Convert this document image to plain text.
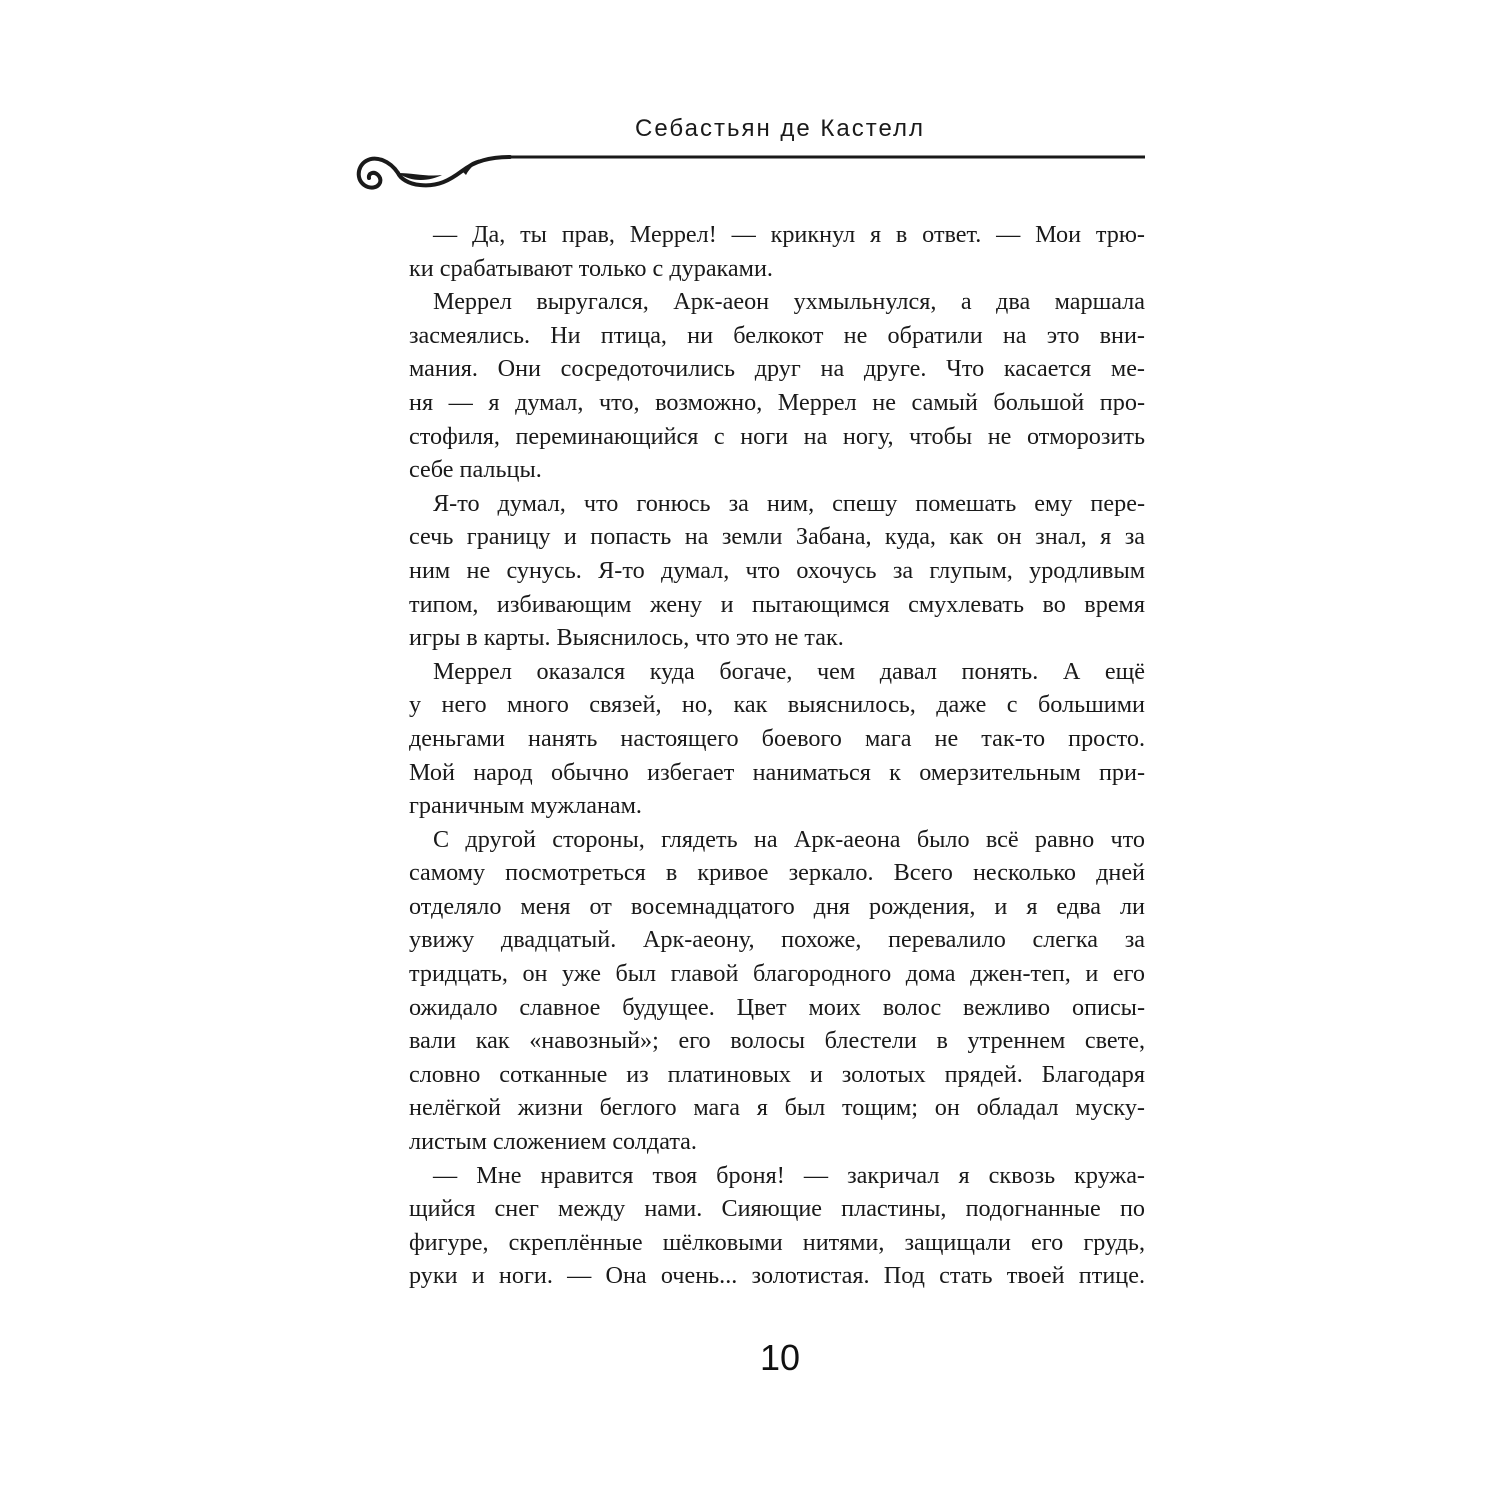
Себастьян де Кастелл

— Да, ты прав, Меррел! — крикнул я в ответ. — Мои трю-
ки срабатывают только с дураками.

Меррел выругался, Арк-аеон ухмыльнулся, а два маршала
засмеялись. Ни птица, ни белкокот не обратили на это вни-
мания. Они сосредоточились друг на друге. Что касается ме-
ня — я думал, что, возможно, Меррел не самый большой про-
стофиля, переминающийся с ноги на ногу, чтобы не отморозить
себе пальцы.

Я-то думал, что гонюсь за ним, спешу помешать ему пере-
сечь границу и попасть на земли Забана, куда, как он знал, я за
ним не сунусь. Я-то думал, что охочусь за глупым, уродливым
типом, избивающим жену и пытающимся смухлевать во время
игры в карты. Выяснилось, что это не так.

Меррел оказался куда богаче, чем давал понять. А ещё
у него много связей, но, как выяснилось, даже с большими
деньгами нанять настоящего боевого мага не так-то просто.
Мой народ обычно избегает наниматься к омерзительным при-
граничным мужланам.

С другой стороны, глядеть на Арк-аеона было всё равно что
самому посмотреться в кривое зеркало. Всего несколько дней
отделяло меня от восемнадцатого дня рождения, и я едва ли
увижу двадцатый. Арк-аеону, похоже, перевалило слегка за
тридцать, он уже был главой благородного дома джен-теп, и его
ожидало славное будущее. Цвет моих волос вежливо описы-
вали как «навозный»; его волосы блестели в утреннем свете,
словно сотканные из платиновых и золотых прядей. Благодаря
нелёгкой жизни беглого мага я был тощим; он обладал муску-
листым сложением солдата.

— Мне нравится твоя броня! — закричал я сквозь кружа-
щийся снег между нами. Сияющие пластины, подогнанные по
фигуре, скреплённые шёлковыми нитями, защищали его грудь,
руки и ноги. — Она очень... золотистая. Под стать твоей птице.

10
